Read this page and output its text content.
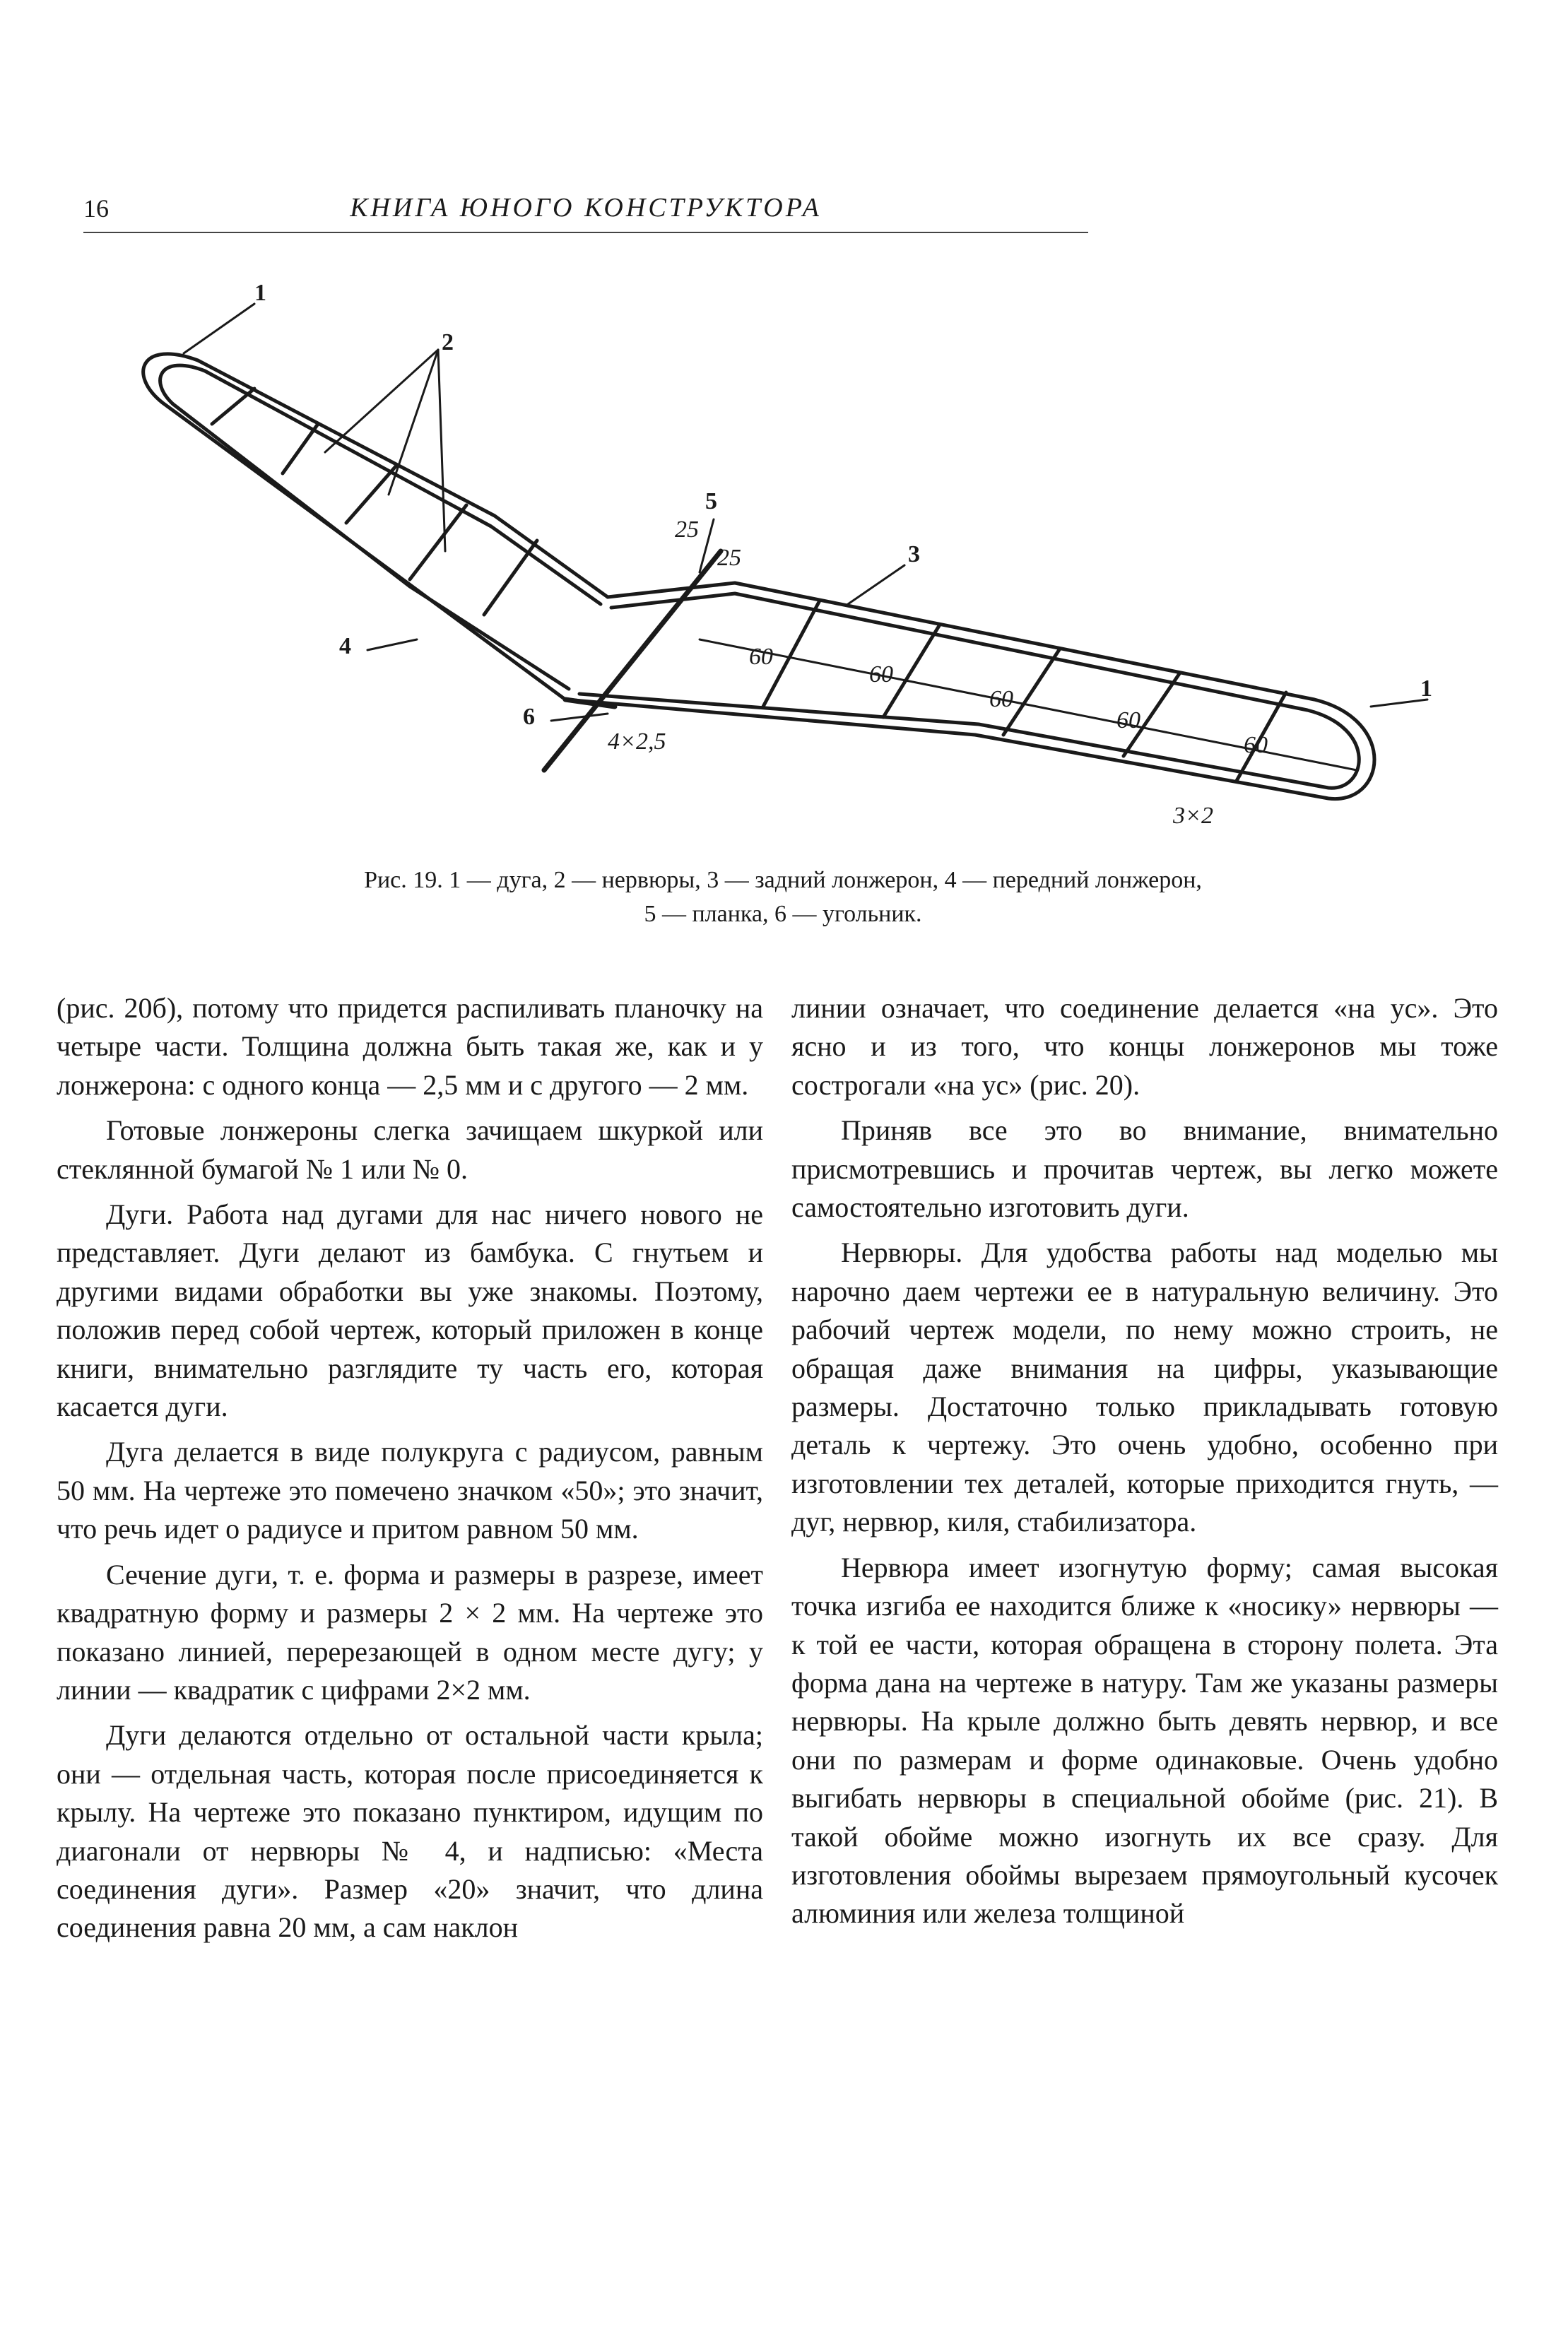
16	КНИГА ЮНОГО КОНСТРУКТОРА
1
2
3
4
5
6
1
25
25
60
60
60
60
60
4×2,5
3×2
Рис. 19. 1 — дуга, 2 — нервюры, 3 — задний лонжерон, 4 — передний лонжерон,
5 — планка, 6 — угольник.

(рис. 20б), потому что придется распиливать планочку на четыре части. Толщина должна быть такая же, как и у лонжерона: с одного конца — 2,5 мм и с другого — 2 мм.

Готовые лонжероны слегка зачищаем шкуркой или стеклянной бумагой № 1 или № 0.

Дуги. Работа над дугами для нас ничего нового не представляет. Дуги делают из бамбука. С гнутьем и другими видами обработки вы уже знакомы. Поэтому, положив перед собой чертеж, который приложен в конце книги, внимательно разглядите ту часть его, которая касается дуги.

Дуга делается в виде полукруга с радиусом, равным 50 мм. На чертеже это помечено значком «50»; это значит, что речь идет о радиусе и притом равном 50 мм.

Сечение дуги, т. е. форма и размеры в разрезе, имеет квадратную форму и размеры 2 × 2 мм. На чертеже это показано линией, перерезающей в одном месте дугу; у линии — квадратик с цифрами 2×2 мм.

Дуги делаются отдельно от остальной части крыла; они — отдельная часть, которая после присоединяется к крылу. На чертеже это показано пунктиром, идущим по диагонали от нервюры № 4, и надписью: «Места соединения дуги». Размер «20» значит, что длина соединения равна 20 мм, а сам наклон

линии означает, что соединение делается «на ус». Это ясно и из того, что концы лонжеронов мы тоже сострогали «на ус» (рис. 20).

Приняв все это во внимание, внимательно присмотревшись и прочитав чертеж, вы легко можете самостоятельно изготовить дуги.

Нервюры. Для удобства работы над моделью мы нарочно даем чертежи ее в натуральную величину. Это рабочий чертеж модели, по нему можно строить, не обращая даже внимания на цифры, указывающие размеры. Достаточно только прикладывать готовую деталь к чертежу. Это очень удобно, особенно при изготовлении тех деталей, которые приходится гнуть, — дуг, нервюр, киля, стабилизатора.

Нервюра имеет изогнутую форму; самая высокая точка изгиба ее находится ближе к «носику» нервюры — к той ее части, которая обращена в сторону полета. Эта форма дана на чертеже в натуру. Там же указаны размеры нервюры. На крыле должно быть девять нервюр, и все они по размерам и форме одинаковые. Очень удобно выгибать нервюры в специальной обойме (рис. 21). В такой обойме можно изогнуть их все сразу. Для изготовления обоймы вырезаем прямоугольный кусочек алюминия или железа толщиной
